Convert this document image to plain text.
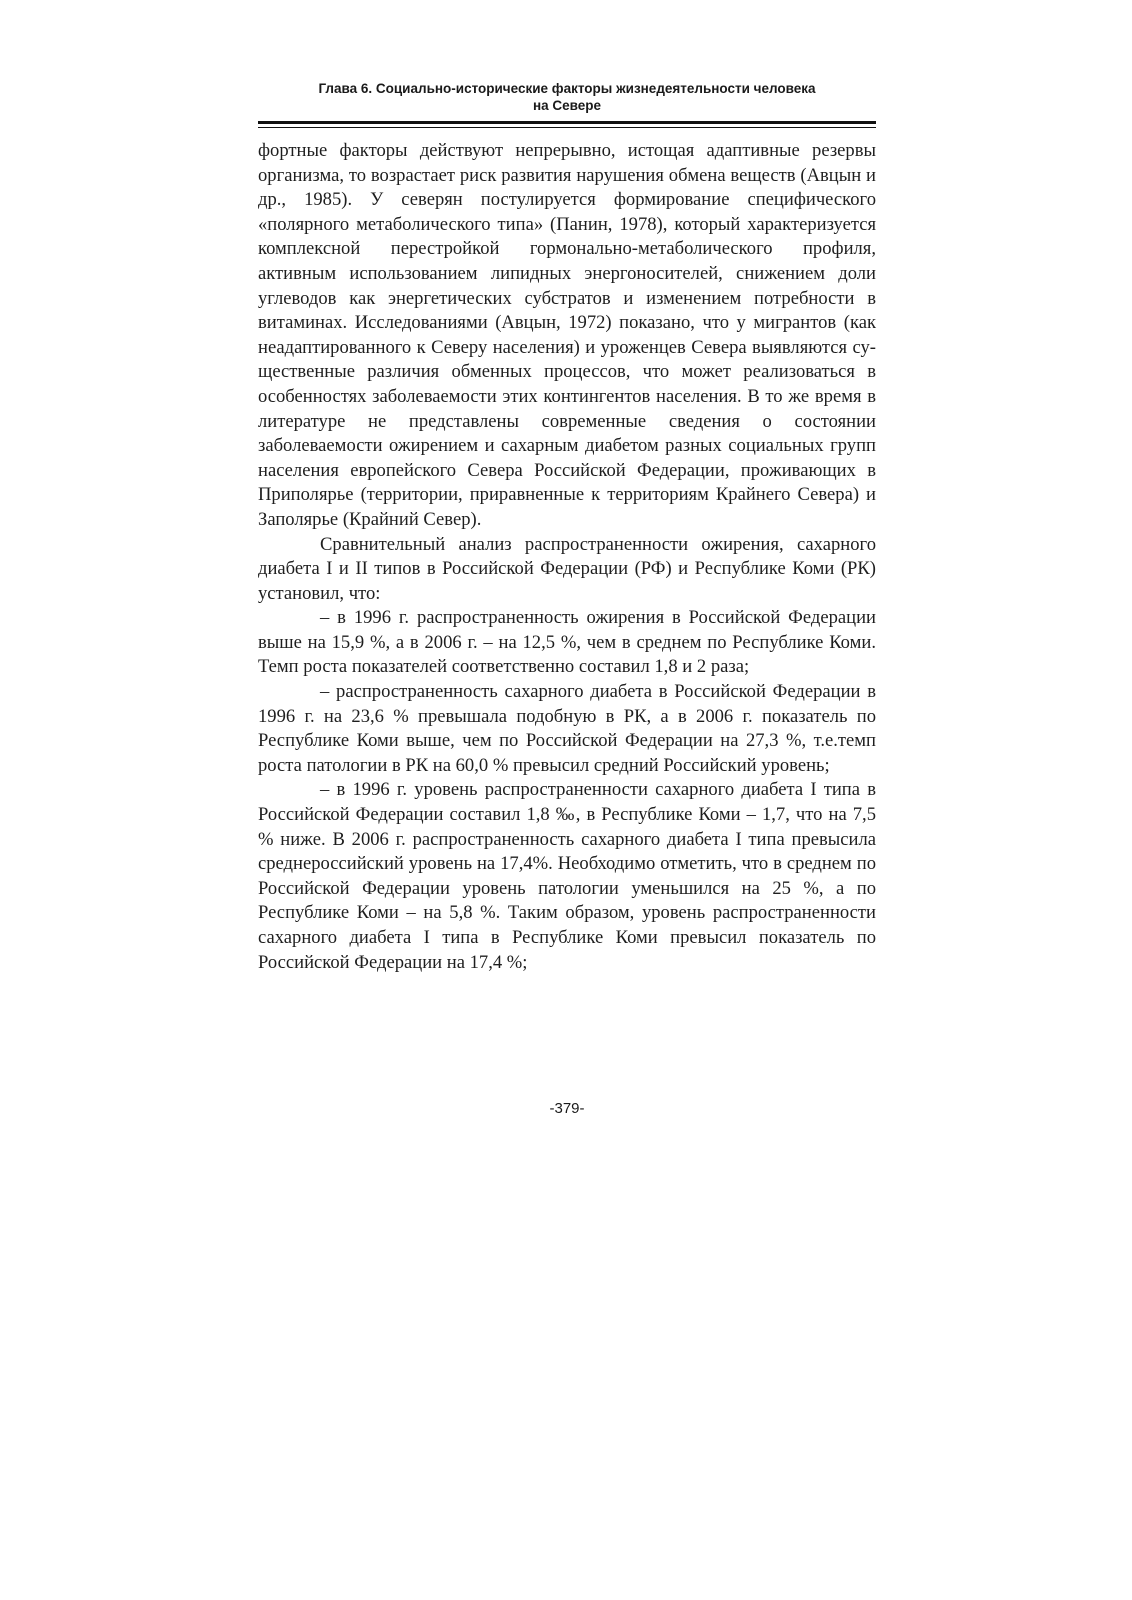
Глава 6. Социально-исторические факторы жизнедеятельности человека
на Севере

фортные факторы действуют непрерывно, истощая адаптивные резервы организма, то возрастает риск развития нарушения обмена веществ (Авцын и др., 1985). У северян постулируется формирование специфического «полярного метаболического типа» (Панин, 1978), который характеризуется комплексной перестройкой гормонально-метаболического профиля, активным использованием липидных энергоносителей, снижением доли углеводов как энергетических субстратов и изменением потребности в витаминах. Исследованиями (Авцын, 1972) показано, что у мигрантов (как неадаптированного к Северу населения) и уроженцев Севера выявляются существенные различия обменных процессов, что может реализоваться в особенностях заболеваемости этих контингентов населения. В то же время в литературе не представлены современные сведения о состоянии заболеваемости ожирением и сахарным диабетом разных социальных групп населения европейского Севера Российской Федерации, проживающих в Приполярье (территории, приравненные к территориям Крайнего Севера) и Заполярье (Крайний Север).

Сравнительный анализ распространенности ожирения, сахарного диабета I и II типов в Российской Федерации (РФ) и Республике Коми (РК) установил, что:

– в 1996 г. распространенность ожирения в Российской Федерации выше на 15,9 %, а в 2006 г. – на 12,5 %, чем в среднем по Республике Коми. Темп роста показателей соответственно составил 1,8 и 2 раза;

– распространенность сахарного диабета в Российской Федерации в 1996 г. на 23,6 % превышала подобную в РК, а в 2006 г. показатель по Республике Коми выше, чем по Российской Федерации на 27,3 %, т.е.темп роста патологии в РК на 60,0 % превысил средний Российский уровень;

– в 1996 г. уровень распространенности сахарного диабета I типа в Российской Федерации составил 1,8 ‰, в Республике Коми – 1,7, что на 7,5 % ниже. В 2006 г. распространенность сахарного диабета I типа превысила среднероссийский уровень на 17,4%. Необходимо отметить, что в среднем по Российской Федерации уровень патологии уменьшился на 25 %, а по Республике Коми – на 5,8 %. Таким образом, уровень распространенности сахарного диабета I типа в Республике Коми превысил показатель по Российской Федерации на 17,4 %;

-379-
